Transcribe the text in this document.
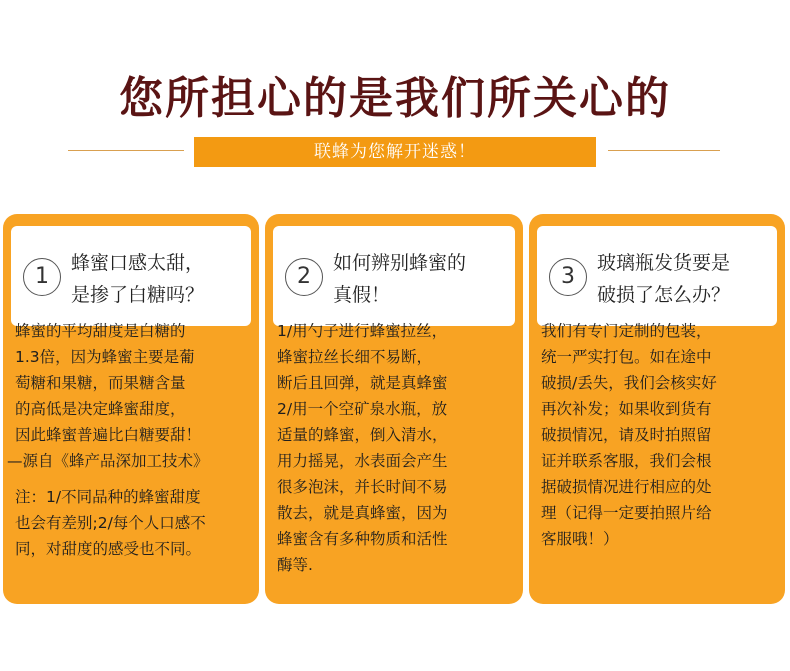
您所担心的是我们所关心的
联蜂为您解开迷惑！
1
蜂蜜口感太甜，
是掺了白糖吗？
蜂蜜的平均甜度是白糖的
1.3倍，因为蜂蜜主要是葡
萄糖和果糖，而果糖含量
的高低是决定蜂蜜甜度，
因此蜂蜜普遍比白糖要甜！
—源自《蜂产品深加工技术》
注：1/不同品种的蜂蜜甜度
也会有差别;2/每个人口感不
同，对甜度的感受也不同。
2
如何辨别蜂蜜的
真假！
1/用勺子进行蜂蜜拉丝，
蜂蜜拉丝长细不易断，
断后且回弹，就是真蜂蜜
2/用一个空矿泉水瓶，放
适量的蜂蜜，倒入清水，
用力摇晃，水表面会产生
很多泡沫，并长时间不易
散去，就是真蜂蜜，因为
蜂蜜含有多种物质和活性
酶等.
3
玻璃瓶发货要是
破损了怎么办？
我们有专门定制的包装，
统一严实打包。如在途中
破损/丢失，我们会核实好
再次补发；如果收到货有
破损情况，请及时拍照留
证并联系客服，我们会根
据破损情况进行相应的处
理（记得一定要拍照片给
客服哦！）
